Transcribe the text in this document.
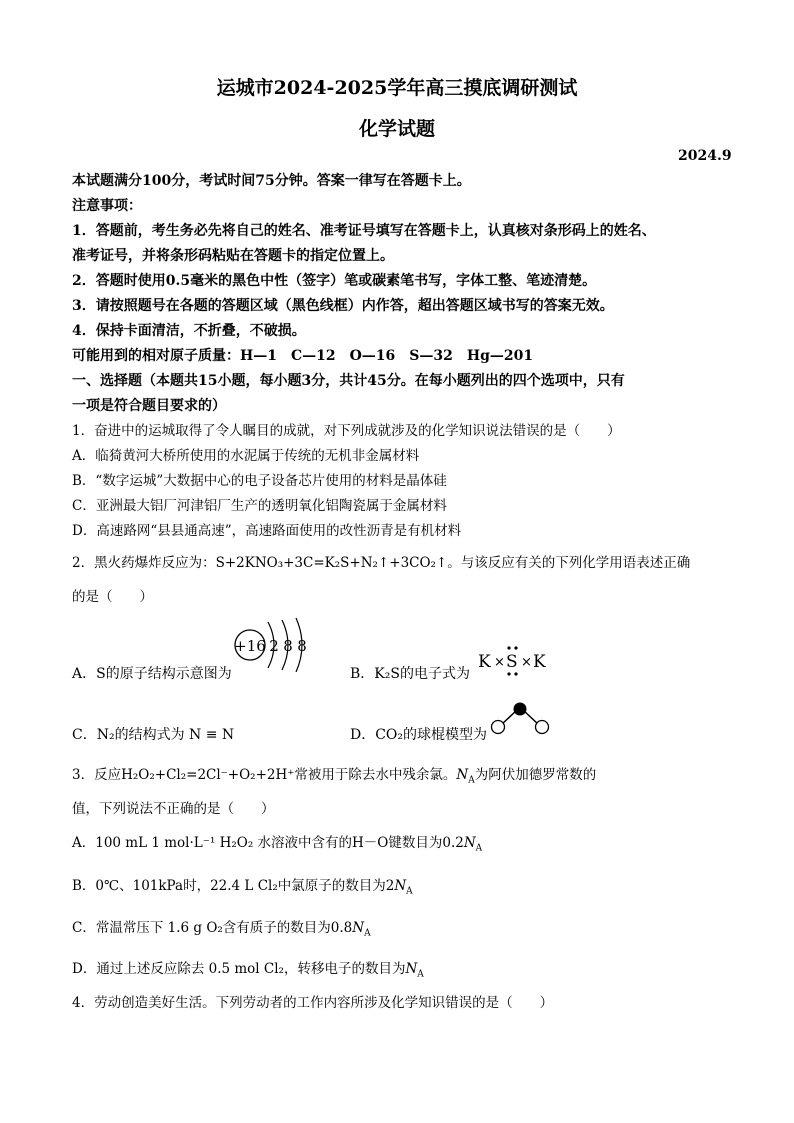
运城市2024-2025学年高三摸底调研测试
化学试题
2024.9
本试题满分100分，考试时间75分钟。答案一律写在答题卡上。
注意事项：
1．答题前，考生务必先将自己的姓名、准考证号填写在答题卡上，认真核对条形码上的姓名、
准考证号，并将条形码粘贴在答题卡的指定位置上。
2．答题时使用0.5毫米的黑色中性（签字）笔或碳素笔书写，字体工整、笔迹清楚。
3．请按照题号在各题的答题区域（黑色线框）内作答，超出答题区域书写的答案无效。
4．保持卡面清洁，不折叠，不破损。
可能用到的相对原子质量：H—1　C—12　O—16　S—32　Hg—201
一、选择题（本题共15小题，每小题3分，共计45分。在每小题列出的四个选项中，只有
一项是符合题目要求的）
1．奋进中的运城取得了令人瞩目的成就，对下列成就涉及的化学知识说法错误的是（　　）
A．临猗黄河大桥所使用的水泥属于传统的无机非金属材料
B．“数字运城”大数据中心的电子设备芯片使用的材料是晶体硅
C．亚洲最大铝厂河津铝厂生产的透明氧化铝陶瓷属于金属材料
D．高速路网“县县通高速”，高速路面使用的改性沥青是有机材料
2．黑火药爆炸反应为：S+2KNO₃+3C=K₂S+N₂↑+3CO₂↑。与该反应有关的下列化学用语表述正确
的是（　　）
A．S的原子结构示意图为
+16 2 8 8
B．K₂S的电子式为
K × S × K
C．N₂的结构式为 N ≡ N	D．CO₂的球棍模型为
3．反应H₂O₂+Cl₂=2Cl⁻+O₂+2H⁺常被用于除去水中残余氯。$N_A$为阿伏加德罗常数的
值，下列说法不正确的是（　　）
A．100 mL 1 mol·L⁻¹ H₂O₂ 水溶液中含有的H－O键数目为$0.2N_A$
B．0℃、101kPa时，22.4 L Cl₂中氯原子的数目为$2N_A$
C．常温常压下 1.6 g O₂含有质子的数目为$0.8N_A$
D．通过上述反应除去 0.5 mol Cl₂，转移电子的数目为$N_A$
4．劳动创造美好生活。下列劳动者的工作内容所涉及化学知识错误的是（　　）
